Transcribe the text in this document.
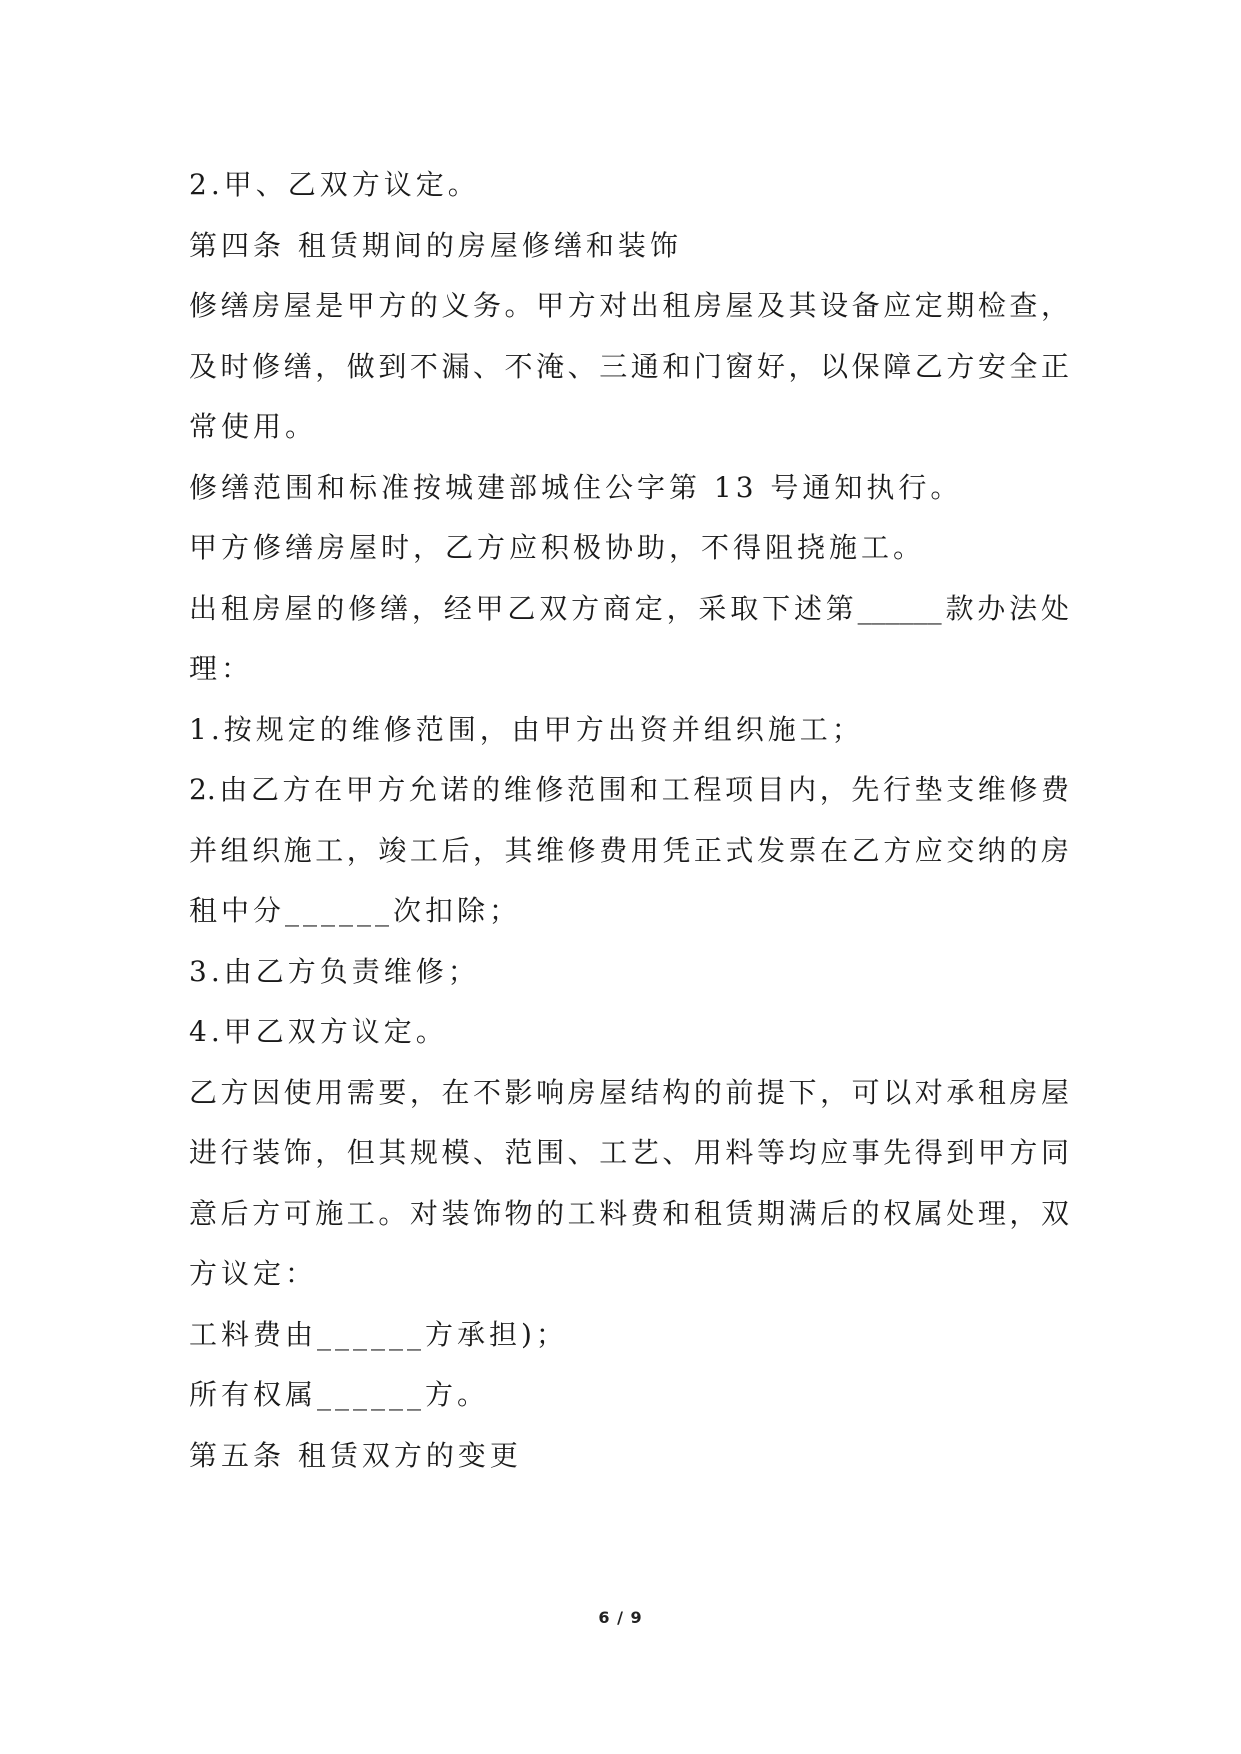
2.甲、乙双方议定。
第四条 租赁期间的房屋修缮和装饰
修缮房屋是甲方的义务。甲方对出租房屋及其设备应定期检查，
及时修缮，做到不漏、不淹、三通和门窗好，以保障乙方安全正
常使用。
修缮范围和标准按城建部城住公字第 13 号通知执行。
甲方修缮房屋时，乙方应积极协助，不得阻挠施工。
出租房屋的修缮，经甲乙双方商定，采取下述第______款办法处
理：
1.按规定的维修范围，由甲方出资并组织施工；
2.由乙方在甲方允诺的维修范围和工程项目内，先行垫支维修费
并组织施工，竣工后，其维修费用凭正式发票在乙方应交纳的房
租中分______次扣除；
3.由乙方负责维修；
4.甲乙双方议定。
乙方因使用需要，在不影响房屋结构的前提下，可以对承租房屋
进行装饰，但其规模、范围、工艺、用料等均应事先得到甲方同
意后方可施工。对装饰物的工料费和租赁期满后的权属处理，双
方议定：
工料费由______方承担)；
所有权属______方。
第五条 租赁双方的变更
6 / 9
